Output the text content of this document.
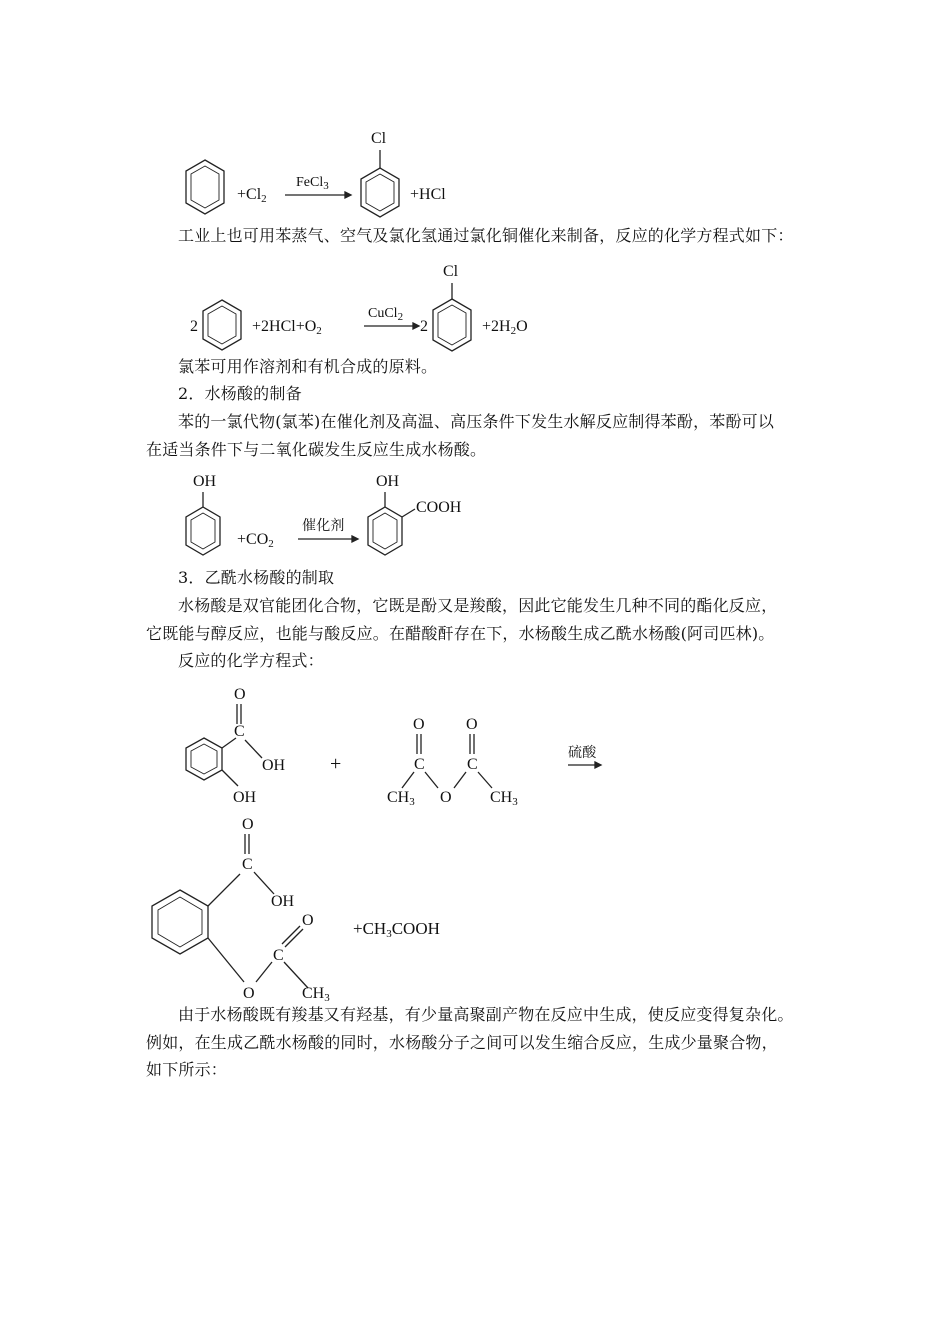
Cl
$+Cl_2$
FeCl$_3$	+HCl
工业上也可用苯蒸气、空气及氯化氢通过氯化铜催化来制备，反应的化学方程式如下：
2	$+2HCl+O_2$
CuCl$_2$
2
Cl
$+2H_2O$
氯苯可用作溶剂和有机合成的原料。
2．水杨酸的制备
苯的一氯代物(氯苯)在催化剂及高温、高压条件下发生水解反应制得苯酚，苯酚可以
在适当条件下与二氧化碳发生反应生成水杨酸。
OH
$+CO_2$
催化剂
OH
COOH
3．乙酰水杨酸的制取
水杨酸是双官能团化合物，它既是酚又是羧酸，因此它能发生几种不同的酯化反应，
它既能与醇反应，也能与酸反应。在醋酸酐存在下，水杨酸生成乙酰水杨酸(阿司匹林)。
反应的化学方程式：
O
C
OH
OH
+
O	O
C	C
O
$CH_3$	$CH_3$
硫酸
O
C
OH
O
C
O	$CH_3$
$+CH_3COOH$
由于水杨酸既有羧基又有羟基，有少量高聚副产物在反应中生成，使反应变得复杂化。
例如，在生成乙酰水杨酸的同时，水杨酸分子之间可以发生缩合反应，生成少量聚合物，
如下所示：
